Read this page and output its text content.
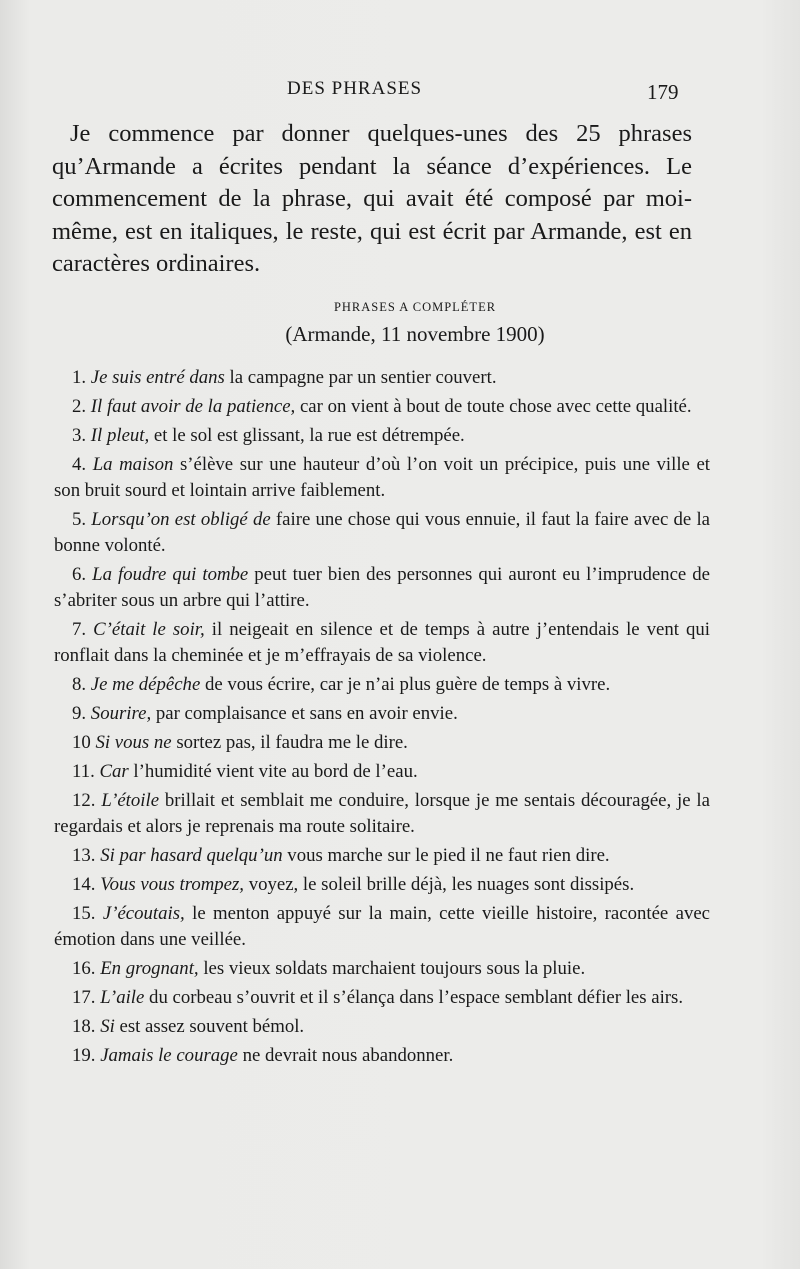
DES PHRASES	179

Je commence par donner quelques-unes des 25 phrases qu’Armande a écrites pendant la séance d’expériences. Le commencement de la phrase, qui avait été composé par moi-même, est en italiques, le reste, qui est écrit par Armande, est en caractères ordinaires.

PHRASES A COMPLÉTER
(Armande, 11 novembre 1900)
1. Je suis entré dans la campagne par un sentier couvert.
2. Il faut avoir de la patience, car on vient à bout de toute chose avec cette qualité.
3. Il pleut, et le sol est glissant, la rue est détrempée.
4. La maison s’élève sur une hauteur d’où l’on voit un précipice, puis une ville et son bruit sourd et lointain arrive faiblement.
5. Lorsqu’on est obligé de faire une chose qui vous ennuie, il faut la faire avec de la bonne volonté.
6. La foudre qui tombe peut tuer bien des personnes qui auront eu l’imprudence de s’abriter sous un arbre qui l’attire.
7. C’était le soir, il neigeait en silence et de temps à autre j’entendais le vent qui ronflait dans la cheminée et je m’effrayais de sa violence.
8. Je me dépêche de vous écrire, car je n’ai plus guère de temps à vivre.
9. Sourire, par complaisance et sans en avoir envie.
10 Si vous ne sortez pas, il faudra me le dire.
11. Car l’humidité vient vite au bord de l’eau.
12. L’étoile brillait et semblait me conduire, lorsque je me sentais découragée, je la regardais et alors je reprenais ma route solitaire.
13. Si par hasard quelqu’un vous marche sur le pied il ne faut rien dire.
14. Vous vous trompez, voyez, le soleil brille déjà, les nuages sont dissipés.
15. J’écoutais, le menton appuyé sur la main, cette vieille histoire, racontée avec émotion dans une veillée.
16. En grognant, les vieux soldats marchaient toujours sous la pluie.
17. L’aile du corbeau s’ouvrit et il s’élança dans l’espace semblant défier les airs.
18. Si est assez souvent bémol.
19. Jamais le courage ne devrait nous abandonner.
